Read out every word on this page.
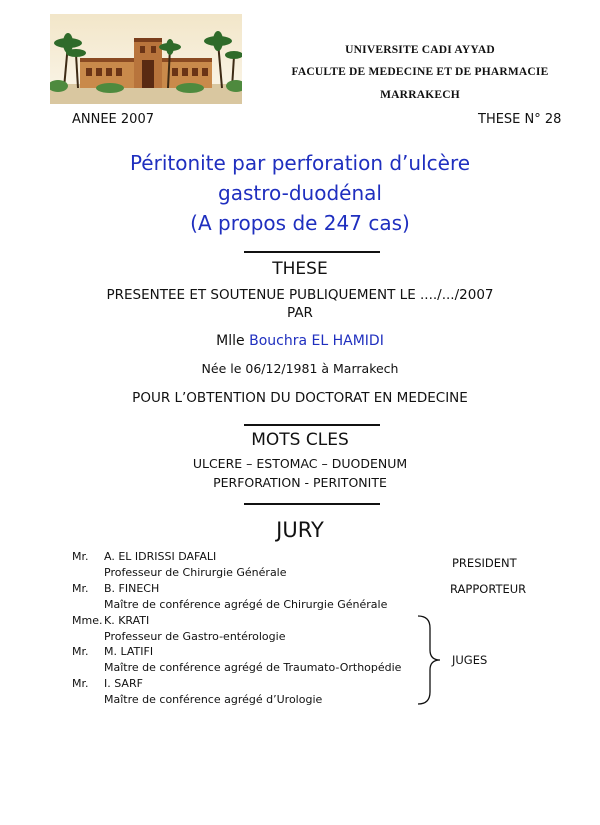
UNIVERSITE CADI AYYAD
FACULTE DE MEDECINE ET DE PHARMACIE
MARRAKECH
ANNEE 2007	THESE N° 28
Péritonite par perforation d’ulcère
gastro-duodénal
(A propos de 247 cas)
THESE
PRESENTEE ET SOUTENUE PUBLIQUEMENT LE ..../.../2007
PAR
Mlle Bouchra EL HAMIDI
Née le 06/12/1981 à Marrakech
POUR L’OBTENTION DU DOCTORAT EN MEDECINE
MOTS CLES
ULCERE – ESTOMAC – DUODENUM
PERFORATION - PERITONITE
JURY
Mr. A. EL IDRISSI DAFALI
Professeur de Chirurgie Générale
Mr. B. FINECH
Maître de conférence agrégé de Chirurgie Générale
Mme. K. KRATI
Professeur de Gastro-entérologie
Mr. M. LATIFI
Maître de conférence agrégé de Traumato-Orthopédie
Mr. I. SARF
Maître de conférence agrégé d’Urologie
PRESIDENT
RAPPORTEUR
JUGES
